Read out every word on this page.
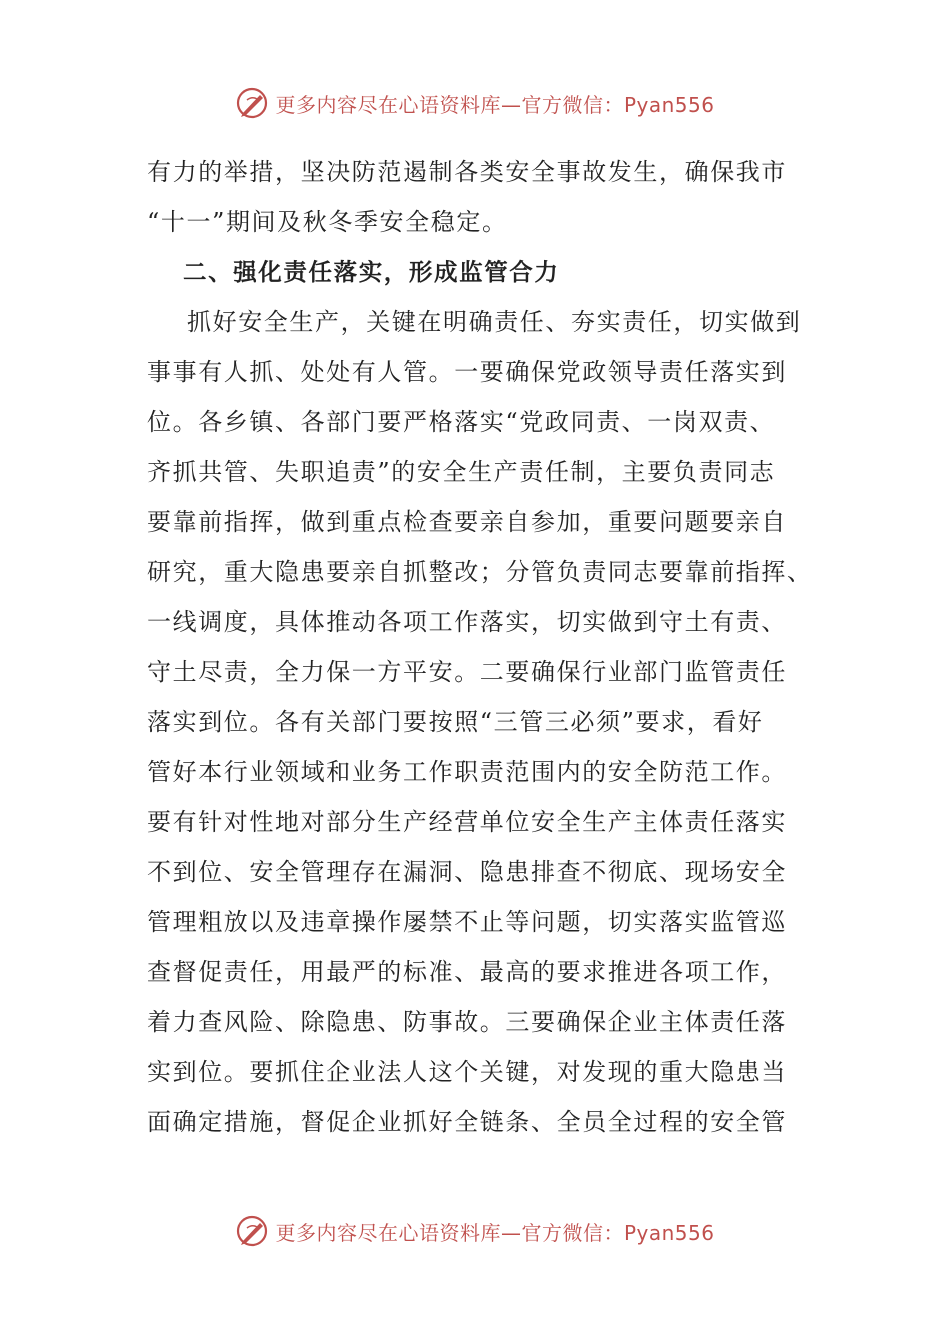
更多内容尽在心语资料库—官方微信：Pyan556
有力的举措，坚决防范遏制各类安全事故发生，确保我市
“十一”期间及秋冬季安全稳定。
二、强化责任落实，形成监管合力
抓好安全生产，关键在明确责任、夯实责任，切实做到
事事有人抓、处处有人管。一要确保党政领导责任落实到
位。各乡镇、各部门要严格落实“党政同责、一岗双责、
齐抓共管、失职追责”的安全生产责任制，主要负责同志
要靠前指挥，做到重点检查要亲自参加，重要问题要亲自
研究，重大隐患要亲自抓整改；分管负责同志要靠前指挥、
一线调度，具体推动各项工作落实，切实做到守土有责、
守土尽责，全力保一方平安。二要确保行业部门监管责任
落实到位。各有关部门要按照“三管三必须”要求，看好
管好本行业领域和业务工作职责范围内的安全防范工作。
要有针对性地对部分生产经营单位安全生产主体责任落实
不到位、安全管理存在漏洞、隐患排查不彻底、现场安全
管理粗放以及违章操作屡禁不止等问题，切实落实监管巡
查督促责任，用最严的标准、最高的要求推进各项工作，
着力查风险、除隐患、防事故。三要确保企业主体责任落
实到位。要抓住企业法人这个关键，对发现的重大隐患当
面确定措施，督促企业抓好全链条、全员全过程的安全管
更多内容尽在心语资料库—官方微信：Pyan556
